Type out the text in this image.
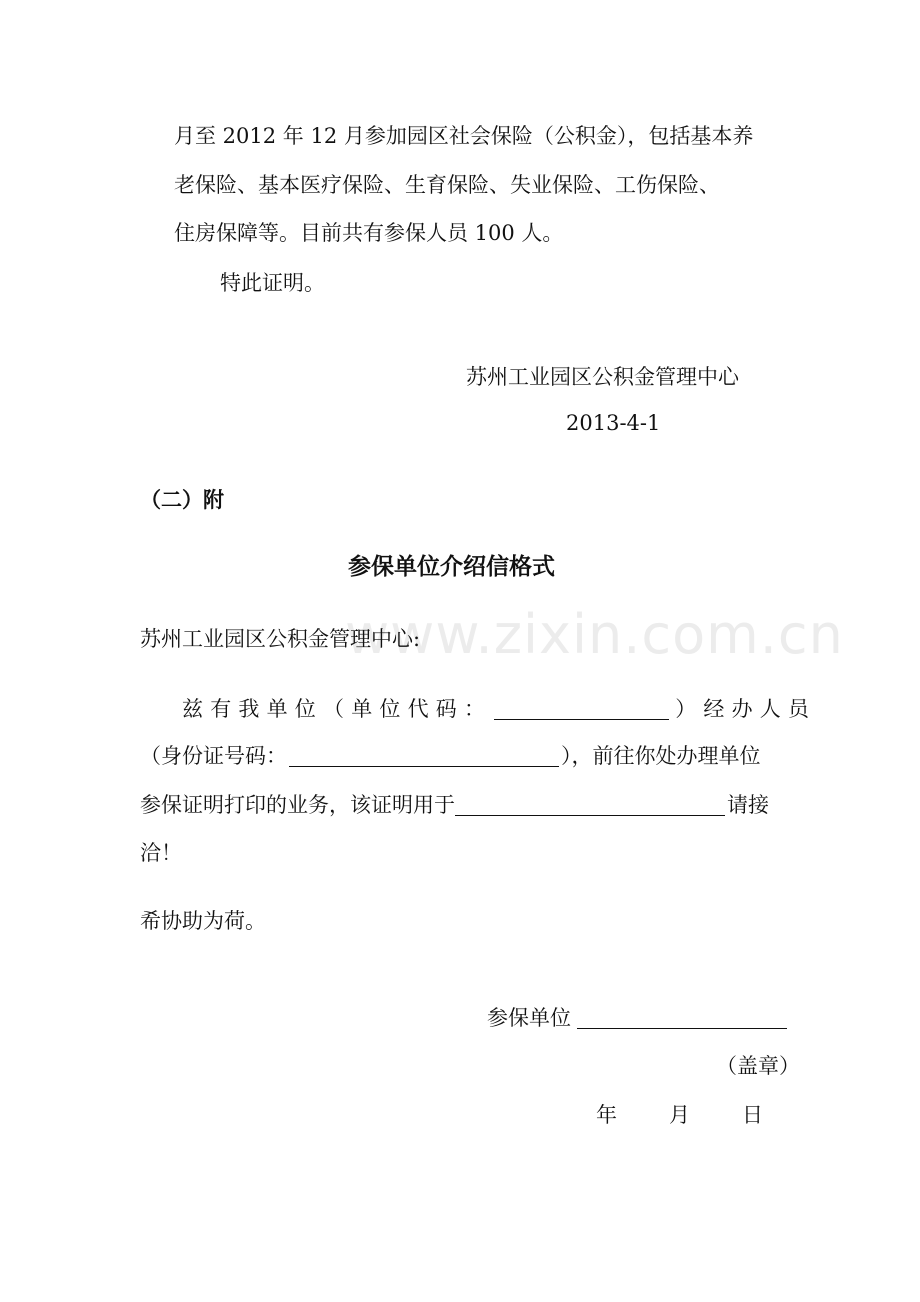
www.zixin.com.cn
月至 2012 年 12 月参加园区社会保险（公积金），包括基本养
老保险、基本医疗保险、生育保险、失业保险、工伤保险、
住房保障等。目前共有参保人员 100 人。
特此证明。
苏州工业园区公积金管理中心
2013-4-1
（二）附
参保单位介绍信格式
苏州工业园区公积金管理中心:
兹有我单位（单位代码：	）经办人员
（身份证号码：	），前往你处办理单位
参保证明打印的业务，该证明用于	请接
洽！
希协助为荷。
参保单位
（盖章）
年 月 日
